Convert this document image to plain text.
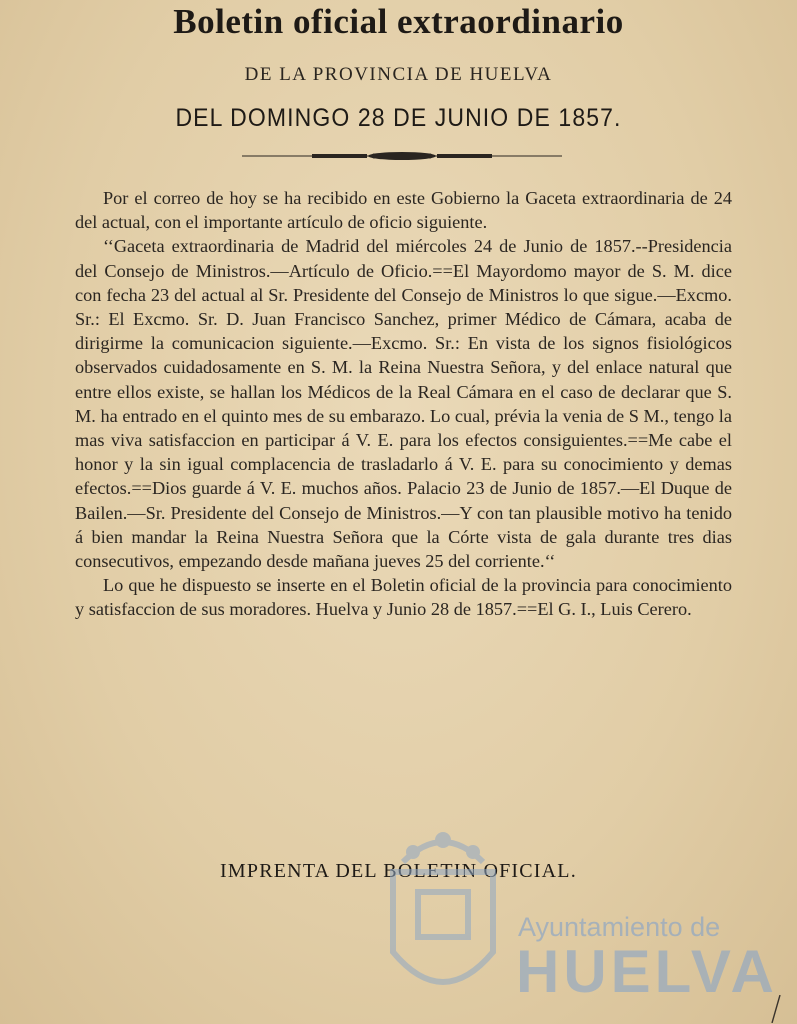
Boletin oficial extraordinario
DE LA PROVINCIA DE HUELVA
DEL DOMINGO 28 DE JUNIO DE 1857.

Por el correo de hoy se ha recibido en este Gobierno la Gaceta extraordinaria de 24 del actual, con el importante artículo de oficio siguiente.

‘‘Gaceta extraordinaria de Madrid del miércoles 24 de Junio de 1857.--Presidencia del Consejo de Ministros.—Artículo de Oficio.==El Mayordomo mayor de S. M. dice con fecha 23 del actual al Sr. Presidente del Consejo de Ministros lo que sigue.—Excmo. Sr.: El Excmo. Sr. D. Juan Francisco Sanchez, primer Médico de Cámara, acaba de dirigirme la comunicacion siguiente.—Excmo. Sr.: En vista de los signos fisiológicos observados cuidadosamente en S. M. la Reina Nuestra Señora, y del enlace natural que entre ellos existe, se hallan los Médicos de la Real Cámara en el caso de declarar que S. M. ha entrado en el quinto mes de su embarazo. Lo cual, prévia la venia de S M., tengo la mas viva satisfaccion en participar á V. E. para los efectos consiguientes.==Me cabe el honor y la sin igual complacencia de trasladarlo á V. E. para su conocimiento y demas efectos.==Dios guarde á V. E. muchos años. Palacio 23 de Junio de 1857.—El Duque de Bailen.—Sr. Presidente del Consejo de Ministros.—Y con tan plausible motivo ha tenido á bien mandar la Reina Nuestra Señora que la Córte vista de gala durante tres dias consecutivos, empezando desde mañana jueves 25 del corriente.‘‘

Lo que he dispuesto se inserte en el Boletin oficial de la provincia para conocimiento y satisfaccion de sus moradores. Huelva y Junio 28 de 1857.==El G. I., Luis Cerero.

IMPRENTA DEL BOLETIN OFICIAL.
Ayuntamiento de
HUELVA
